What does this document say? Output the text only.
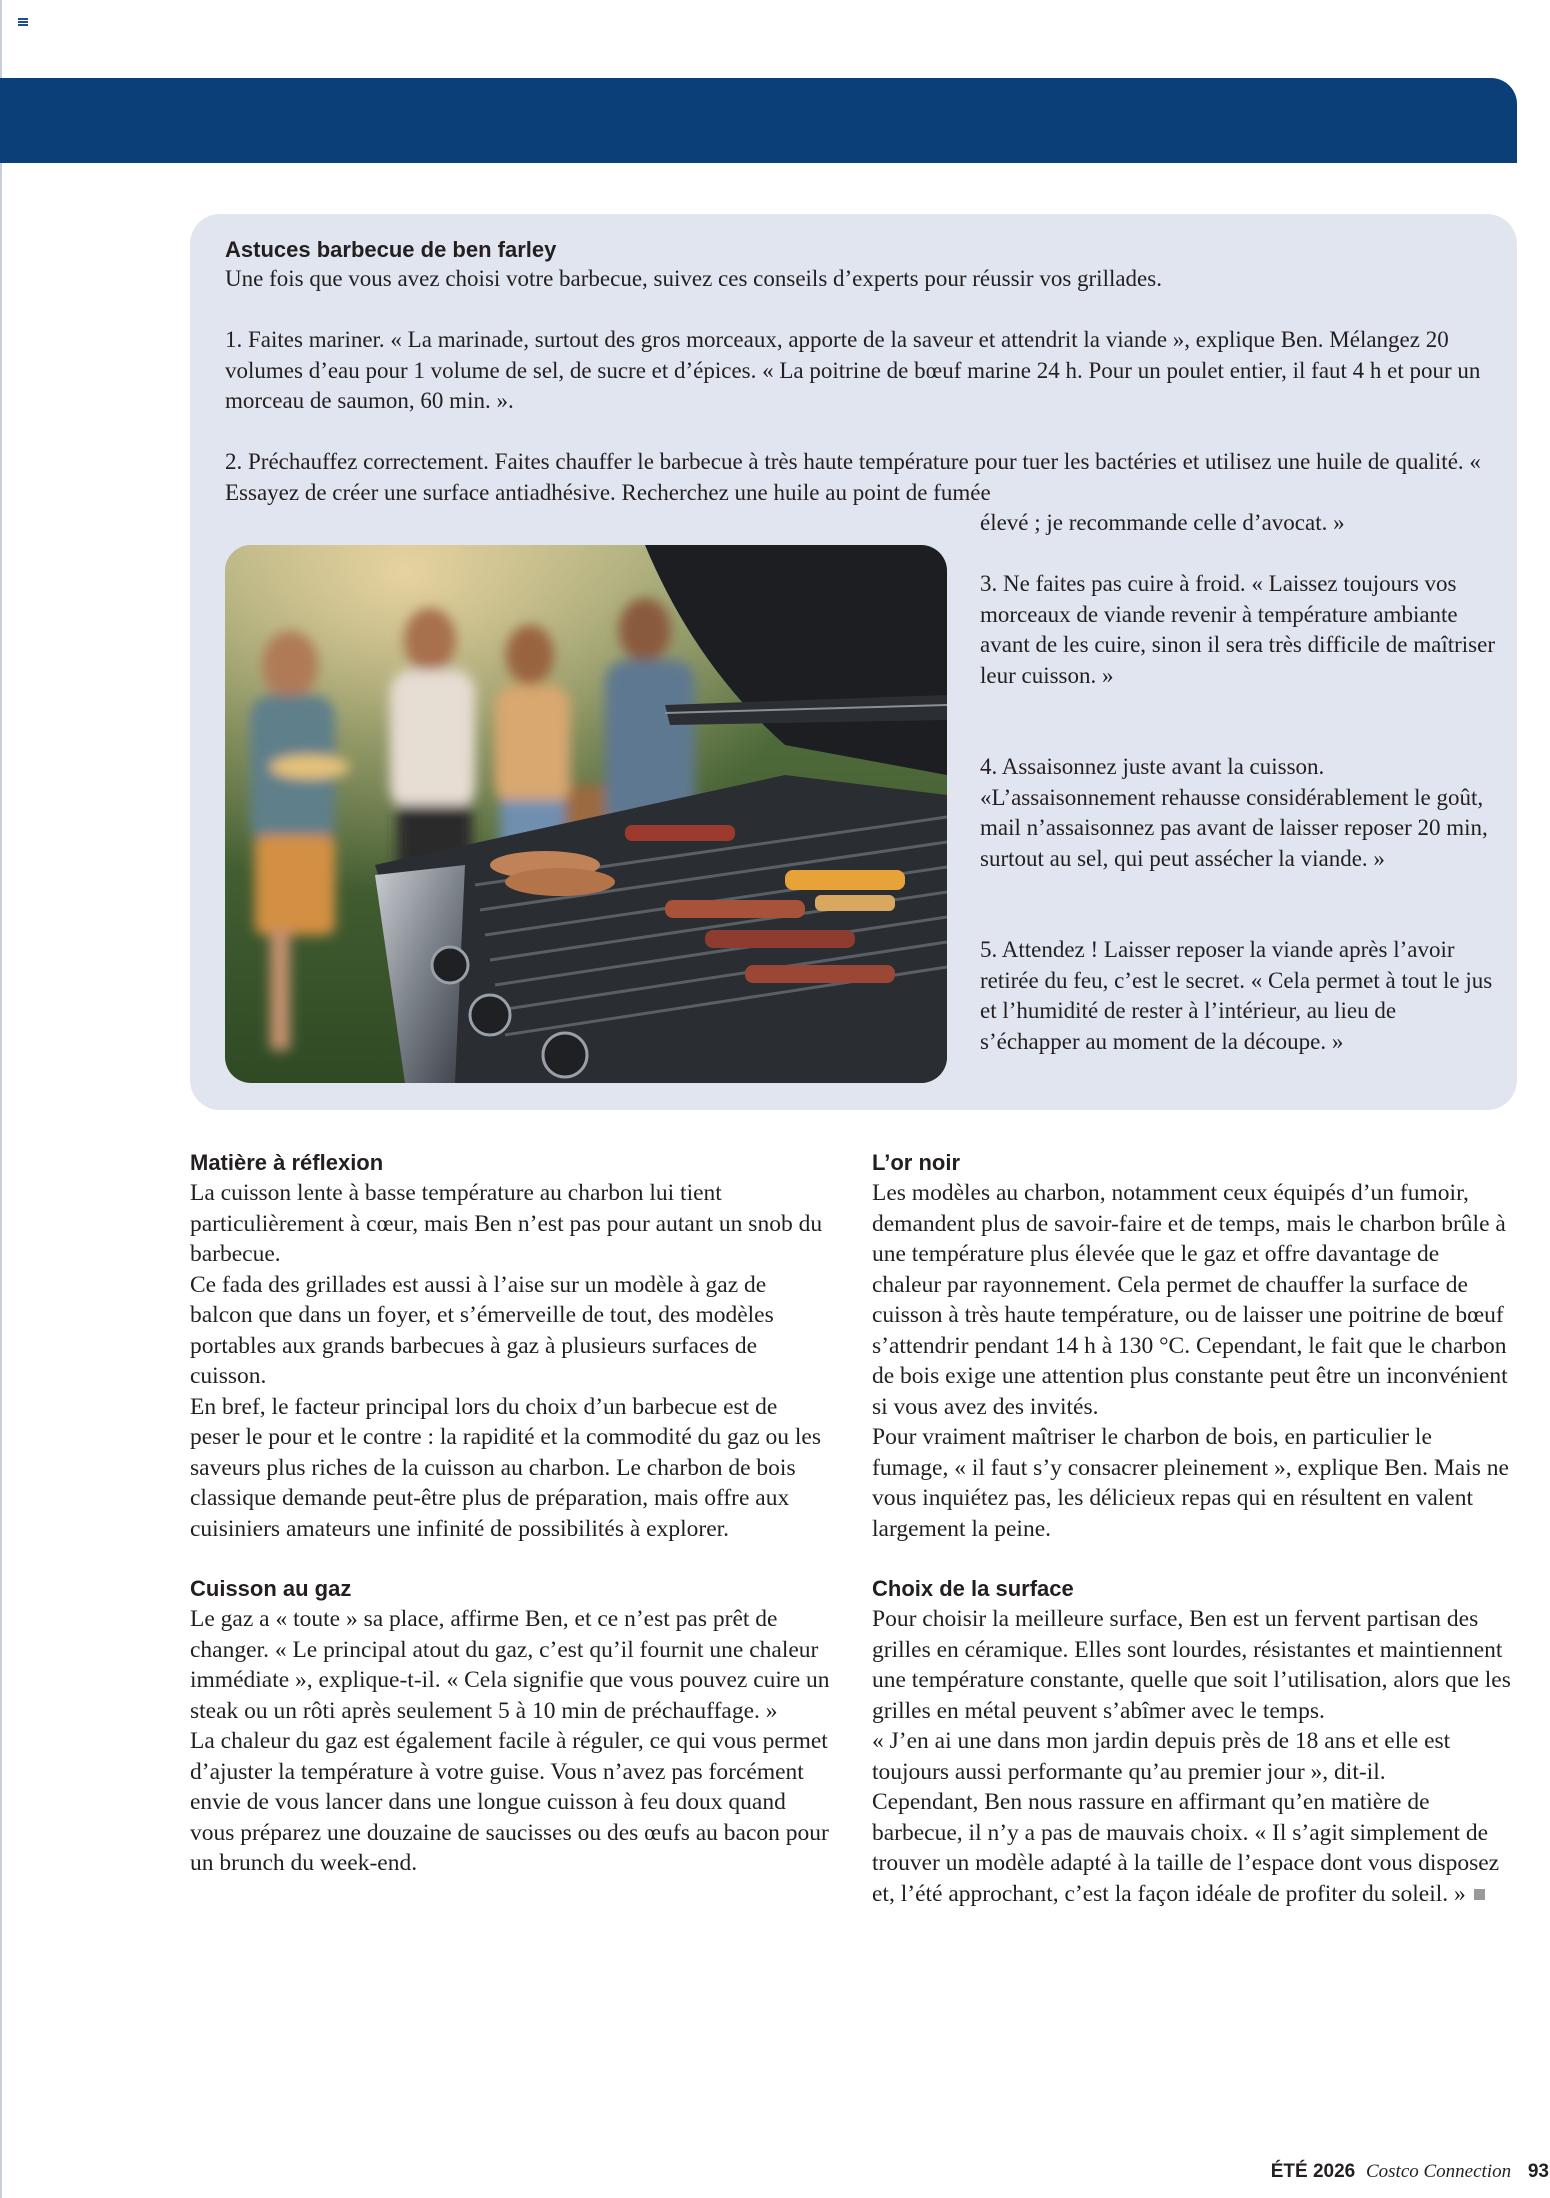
Astuces barbecue de ben farley

Une fois que vous avez choisi votre barbecue, suivez ces conseils d’experts pour réussir vos grillades.

1. Faites mariner. « La marinade, surtout des gros morceaux, apporte de la saveur et attendrit la viande », explique Ben. Mélangez 20 volumes d’eau pour 1 volume de sel, de sucre et d’épices. « La poitrine de bœuf marine 24 h. Pour un poulet entier, il faut 4 h et pour un morceau de saumon, 60 min. ».

2. Préchauffez correctement. Faites chauffer le barbecue à très haute température pour tuer les bactéries et utilisez une huile de qualité. « Essayez de créer une surface antiadhésive. Recherchez une huile au point de fumée

élevé ; je recommande celle d’avocat. »

3. Ne faites pas cuire à froid. « Laissez toujours vos morceaux de viande revenir à température ambiante avant de les cuire, sinon il sera très difficile de maîtriser leur cuisson. »

4. Assaisonnez juste avant la cuisson. «L’assaisonnement rehausse considérablement le goût, mail n’assaisonnez pas avant de laisser reposer 20 min, surtout au sel, qui peut assécher la viande. »

5. Attendez ! Laisser reposer la viande après l’avoir retirée du feu, c’est le secret. « Cela permet à tout le jus et l’humidité de rester à l’intérieur, au lieu de s’échapper au moment de la découpe. »

Matière à réflexion

La cuisson lente à basse température au charbon lui tient particulièrement à cœur, mais Ben n’est pas pour autant un snob du barbecue.
Ce fada des grillades est aussi à l’aise sur un modèle à gaz de balcon que dans un foyer, et s’émerveille de tout, des modèles portables aux grands barbecues à gaz à plusieurs surfaces de cuisson.
En bref, le facteur principal lors du choix d’un barbecue est de peser le pour et le contre : la rapidité et la commodité du gaz ou les saveurs plus riches de la cuisson au charbon. Le charbon de bois classique demande peut-être plus de préparation, mais offre aux cuisiniers amateurs une infinité de possibilités à explorer.

Cuisson au gaz

Le gaz a « toute » sa place, affirme Ben, et ce n’est pas prêt de changer. « Le principal atout du gaz, c’est qu’il fournit une chaleur immédiate », explique-t-il. « Cela signifie que vous pouvez cuire un steak ou un rôti après seulement 5 à 10 min de préchauffage. »
La chaleur du gaz est également facile à réguler, ce qui vous permet d’ajuster la température à votre guise. Vous n’avez pas forcément envie de vous lancer dans une longue cuisson à feu doux quand vous préparez une douzaine de saucisses ou des œufs au bacon pour un brunch du week-end.

L’or noir

Les modèles au charbon, notamment ceux équipés d’un fumoir, demandent plus de savoir-faire et de temps, mais le charbon brûle à une température plus élevée que le gaz et offre davantage de chaleur par rayonnement. Cela permet de chauffer la surface de cuisson à très haute température, ou de laisser une poitrine de bœuf s’attendrir pendant 14 h à 130 °C. Cependant, le fait que le charbon de bois exige une attention plus constante peut être un inconvénient si vous avez des invités.
Pour vraiment maîtriser le charbon de bois, en particulier le fumage, « il faut s’y consacrer pleinement », explique Ben. Mais ne vous inquiétez pas, les délicieux repas qui en résultent en valent largement la peine.

Choix de la surface

Pour choisir la meilleure surface, Ben est un fervent partisan des grilles en céramique. Elles sont lourdes, résistantes et maintiennent une température constante, quelle que soit l’utilisation, alors que les grilles en métal peuvent s’abîmer avec le temps.
« J’en ai une dans mon jardin depuis près de 18 ans et elle est toujours aussi performante qu’au premier jour », dit-il.
Cependant, Ben nous rassure en affirmant qu’en matière de barbecue, il n’y a pas de mauvais choix. « Il s’agit simplement de trouver un modèle adapté à la taille de l’espace dont vous disposez et, l’été approchant, c’est la façon idéale de profiter du soleil. »

ÉTÉ 2026 Costco Connection 93
